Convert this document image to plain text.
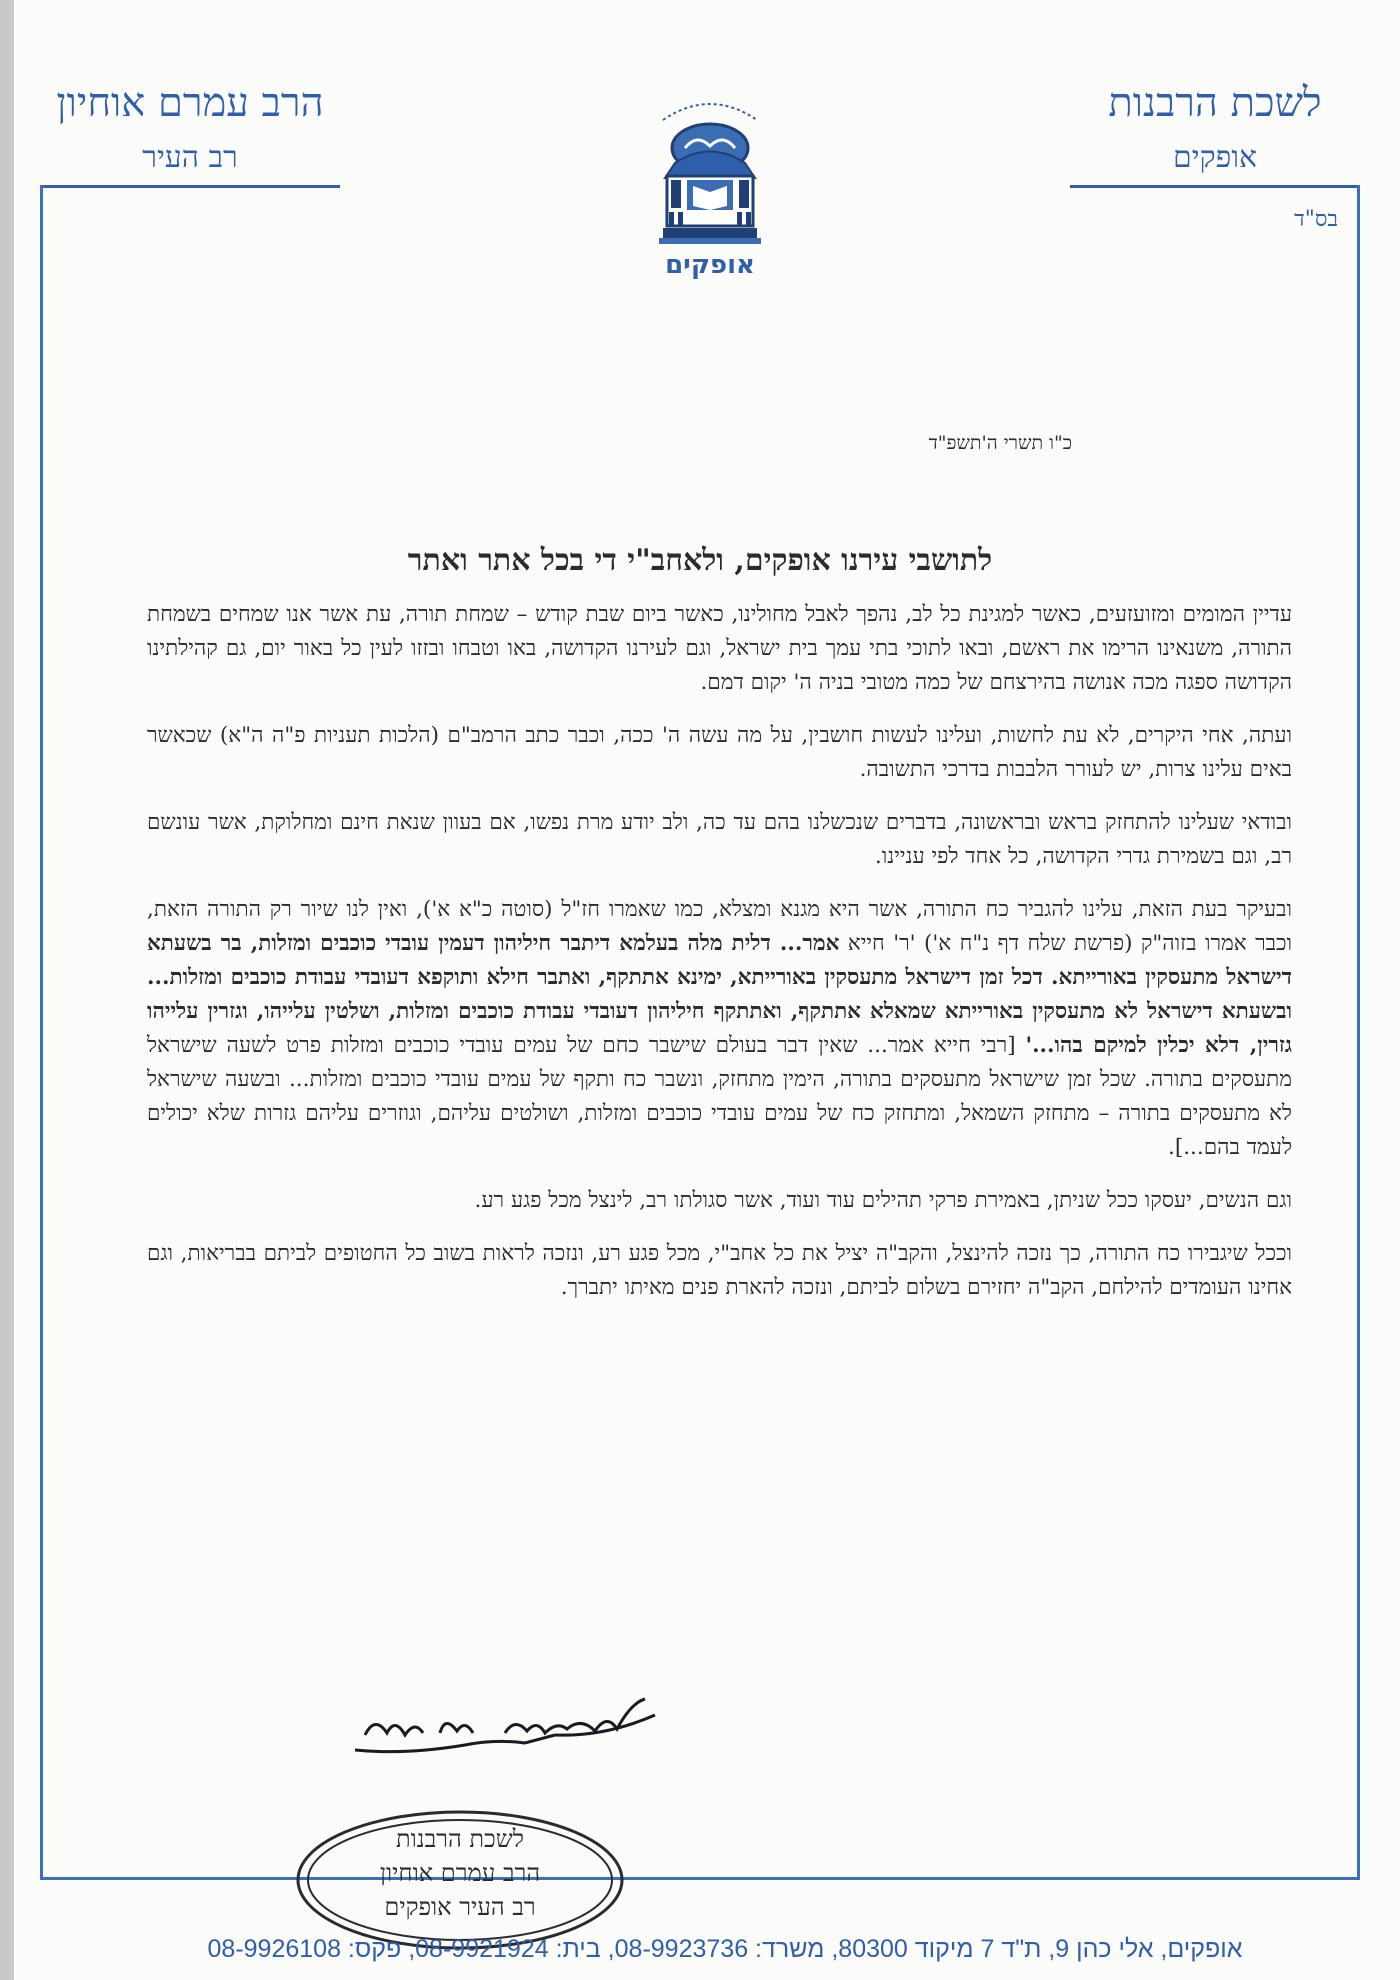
לשכת הרבנות
אופקים
הרב עמרם אוחיון
רב העיר
בס"ד
אופקים
כ"ו תשרי ה'תשפ"ד
לתושבי עירנו אופקים, ולאחב"י די בכל אתר ואתר

עדיין המומים ומזועזעים, כאשר למגינת כל לב, נהפך לאבל מחולינו, כאשר ביום שבת קודש – שמחת תורה, עת אשר אנו שמחים בשמחת התורה, משנאינו הרימו את ראשם, ובאו לתוכי בתי עמך בית ישראל, וגם לעירנו הקדושה, באו וטבחו ובזזו לעין כל באור יום, גם קהילתינו הקדושה ספגה מכה אנושה בהירצחם של כמה מטובי בניה ה' יקום דמם.

ועתה, אחי היקרים, לא עת לחשות, ועלינו לעשות חושבין, על מה עשה ה' ככה, וכבר כתב הרמב"ם (הלכות תעניות פ"ה ה"א) שכאשר באים עלינו צרות, יש לעורר הלבבות בדרכי התשובה.

ובודאי שעלינו להתחזק בראש ובראשונה, בדברים שנכשלנו בהם עד כה, ולב יודע מרת נפשו, אם בעוון שנאת חינם ומחלוקת, אשר עונשם רב, וגם בשמירת גדרי הקדושה, כל אחד לפי עניינו.

ובעיקר בעת הזאת, עלינו להגביר כח התורה, אשר היא מגנא ומצלא, כמו שאמרו חז"ל (סוטה כ"א א'), ואין לנו שיור רק התורה הזאת, וכבר אמרו בזוה"ק (פרשת שלח דף נ"ח א') 'ר' חייא אמר... דלית מלה בעלמא דיתבר חיליהון דעמין עובדי כוכבים ומזלות, בר בשעתא דישראל מתעסקין באורייתא. דכל זמן דישראל מתעסקין באורייתא, ימינא אתתקף, ואתבר חילא ותוקפא דעובדי עבודת כוכבים ומזלות... ובשעתא דישראל לא מתעסקין באורייתא שמאלא אתתקף, ואתתקף חיליהון דעובדי עבודת כוכבים ומזלות, ושלטין עלייהו, וגזרין עלייהו גזרין, דלא יכלין למיקם בהו...' [רבי חייא אמר... שאין דבר בעולם שישבר כחם של עמים עובדי כוכבים ומזלות פרט לשעה שישראל מתעסקים בתורה. שכל זמן שישראל מתעסקים בתורה, הימין מתחזק, ונשבר כח ותקף של עמים עובדי כוכבים ומזלות... ובשעה שישראל לא מתעסקים בתורה – מתחזק השמאל, ומתחזק כח של עמים עובדי כוכבים ומזלות, ושולטים עליהם, וגוזרים עליהם גזרות שלא יכולים לעמד בהם...].

וגם הנשים, יעסקו ככל שניתן, באמירת פרקי תהילים עוד ועוד, אשר סגולתו רב, לינצל מכל פגע רע.

וככל שיגבירו כח התורה, כך נזכה להינצל, והקב"ה יציל את כל אחב"י, מכל פגע רע, ונזכה לראות בשוב כל החטופים לביתם בבריאות, וגם אחינו העומדים להילחם, הקב"ה יחזירם בשלום לביתם, ונזכה להארת פנים מאיתו יתברך.

לשכת הרבנות
הרב עמרם אוחיון
רב העיר אופקים
אופקים, אלי כהן 9, ת"ד 7 מיקוד 80300, משרד: 08-9923736, בית: 08-9921924, פקס: 08-9926108
